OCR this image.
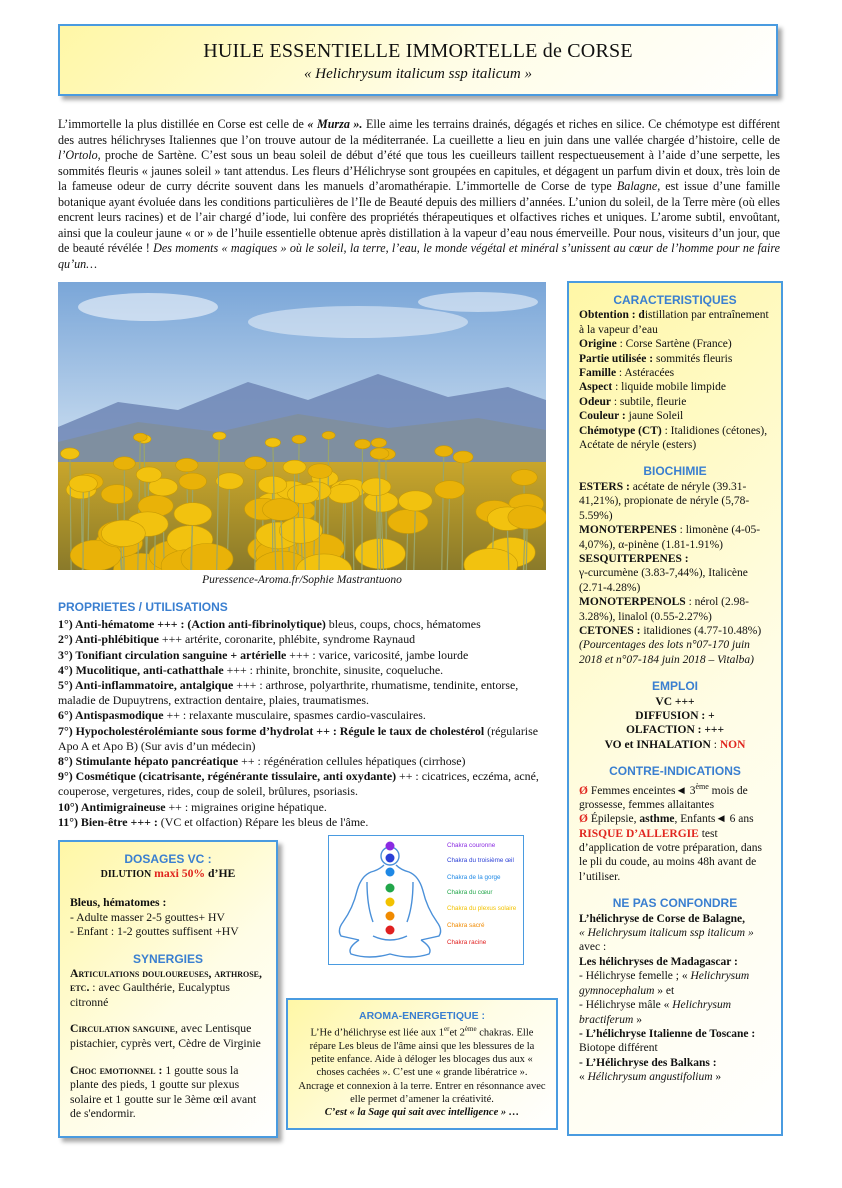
HUILE ESSENTIELLE IMMORTELLE de CORSE
« Helichrysum italicum ssp italicum »

L’immortelle la plus distillée en Corse est celle de « Murza ». Elle aime les terrains drainés, dégagés et riches en silice. Ce chémotype est différent des autres hélichryses Italiennes que l’on trouve autour de la méditerranée. La cueillette a lieu en juin dans une vallée chargée d’histoire, celle de l’Ortolo, proche de Sartène. C’est sous un beau soleil de début d’été que tous les cueilleurs taillent respectueusement à l’aide d’une serpette, les sommités fleuris « jaunes soleil » tant attendus. Les fleurs d’Hélichryse sont groupées en capitules, et dégagent un parfum divin et doux, très loin de la fameuse odeur de curry décrite souvent dans les manuels d’aromathérapie. L’immortelle de Corse de type Balagne, est issue d’une famille botanique ayant évoluée dans les conditions particulières de l’Ile de Beauté depuis des milliers d’années. L’union du soleil, de la Terre mère (où elles encrent leurs racines) et de l’air chargé d’iode, lui confère des propriétés thérapeutiques et olfactives riches et uniques. L’arome subtil, envoûtant, ainsi que la couleur jaune « or » de l’huile essentielle obtenue après distillation à la vapeur d’eau nous émerveille. Pour nous, visiteurs d’un jour, que de beauté révélée ! Des moments « magiques » où le soleil, la terre, l’eau, le monde végétal et minéral s’unissent au cœur de l’homme pour ne faire qu’un…

Puressence-Aroma.fr/Sophie Mastrantuono
PROPRIETES / UTILISATIONS
1°) Anti-hématome +++ : (Action anti-fibrinolytique) bleus, coups, chocs, hématomes
2°) Anti-phlébitique +++ artérite, coronarite, phlébite, syndrome Raynaud
3°) Tonifiant circulation sanguine + artérielle +++ : varice, varicosité, jambe lourde
4°) Mucolitique, anti-cathatthale +++ : rhinite, bronchite, sinusite, coqueluche.
5°) Anti-inflammatoire, antalgique +++ : arthrose, polyarthrite, rhumatisme, tendinite, entorse, maladie de Dupuytrens, extraction dentaire, plaies, traumatismes.
6°) Antispasmodique ++ : relaxante musculaire, spasmes cardio-vasculaires.
7°) Hypocholestérolémiante sous forme d’hydrolat ++ : Régule le taux de cholestérol (régularise Apo A et Apo B) (Sur avis d’un médecin)
8°) Stimulante hépato pancréatique ++ : régénération cellules hépatiques (cirrhose)
9°) Cosmétique (cicatrisante, régénérante tissulaire, anti oxydante) ++ : cicatrices, eczéma, acné, couperose, vergetures, rides, coup de soleil, brûlures, psoriasis.
10°) Antimigraineuse ++ : migraines origine hépatique.
11°) Bien-être +++ : (VC et olfaction) Répare les bleus de l'âme.
CARACTERISTIQUES
Obtention : distillation par entraînement à la vapeur d’eau
Origine : Corse Sartène (France)
Partie utilisée : sommités fleuris
Famille : Astéracées
Aspect : liquide mobile limpide
Odeur : subtile, fleurie
Couleur : jaune Soleil
Chémotype (CT) : Italidiones (cétones), Acétate de néryle (esters)
BIOCHIMIE
ESTERS : acétate de néryle (39.31-41,21%), propionate de néryle (5,78-5.59%)
MONOTERPENES : limonène (4-05-4,07%), α-pinène (1.81-1.91%)
SESQUITERPENES :
γ-curcumène (3.83-7,44%), Italicène (2.71-4.28%)
MONOTERPENOLS : nérol (2.98-3.28%), linalol (0.55-2.27%)
CETONES : italidiones (4.77-10.48%) (Pourcentages des lots n°07-170 juin 2018 et n°07-184 juin 2018 – Vitalba)
EMPLOI
VC +++
DIFFUSION : +
OLFACTION : +++
VO et INHALATION : NON
CONTRE-INDICATIONS
Ø Femmes enceintes◄ 3ème mois de grossesse, femmes allaitantes
Ø Épilepsie, asthme, Enfants◄ 6 ans
RISQUE D’ALLERGIE test d’application de votre préparation, dans le pli du coude, au moins 48h avant de l’utiliser.
NE PAS CONFONDRE
L’hélichryse de Corse de Balagne,
« Helichrysum italicum ssp italicum »
avec :
Les hélichryses de Madagascar :
- Hélichryse femelle ; « Helichrysum gymnocephalum » et
- Hélichryse mâle « Helichrysum bractiferum »
- L’hélichryse Italienne de Toscane : Biotope différent
- L’Hélichryse des Balkans :
« Hélichrysum angustifolium »
DOSAGES VC :
DILUTION maxi 50% d’HE
Bleus, hématomes :
- Adulte masser 2-5 gouttes+ HV
- Enfant : 1-2 gouttes suffisent +HV
SYNERGIES
Articulations douloureuses, arthrose, etc. : avec Gaulthérie, Eucalyptus citronné
Circulation sanguine, avec Lentisque pistachier, cyprès vert, Cèdre de Virginie
Choc emotionnel : 1 goutte sous la plante des pieds, 1 goutte sur plexus solaire et 1 goutte sur le 3ème œil avant de s'endormir.
Chakra couronne
Chakra du troisième œil
Chakra de la gorge
Chakra du cœur
Chakra du plexus solaire
Chakra sacré
Chakra racine
AROMA-ENERGETIQUE :
L’He d’hélichryse est liée aux 1eret 2ème chakras. Elle répare Les bleus de l'âme ainsi que les blessures de la petite enfance. Aide à déloger les blocages dus aux « choses cachées ». C’est une « grande libératrice ». Ancrage et connexion à la terre. Entrer en résonnance avec elle permet d’amener la créativité.
C’est « la Sage qui sait avec intelligence » …
